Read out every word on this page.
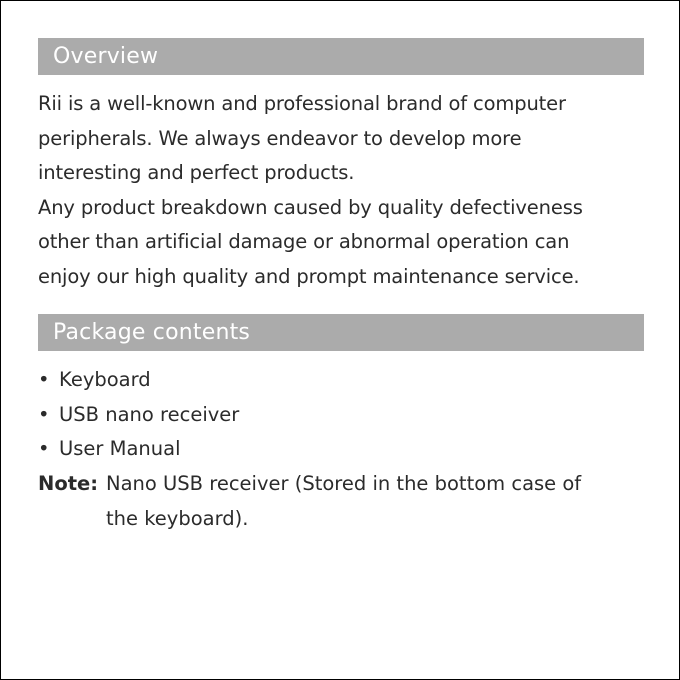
Overview
Rii is a well-known and professional brand of computer
peripherals. We always endeavor to develop more
interesting and perfect products.
Any product breakdown caused by quality defectiveness
other than artificial damage or abnormal operation can
enjoy our high quality and prompt maintenance service.
Package contents
• Keyboard
• USB nano receiver
• User Manual
Note: Nano USB receiver (Stored in the bottom case of
the keyboard).
